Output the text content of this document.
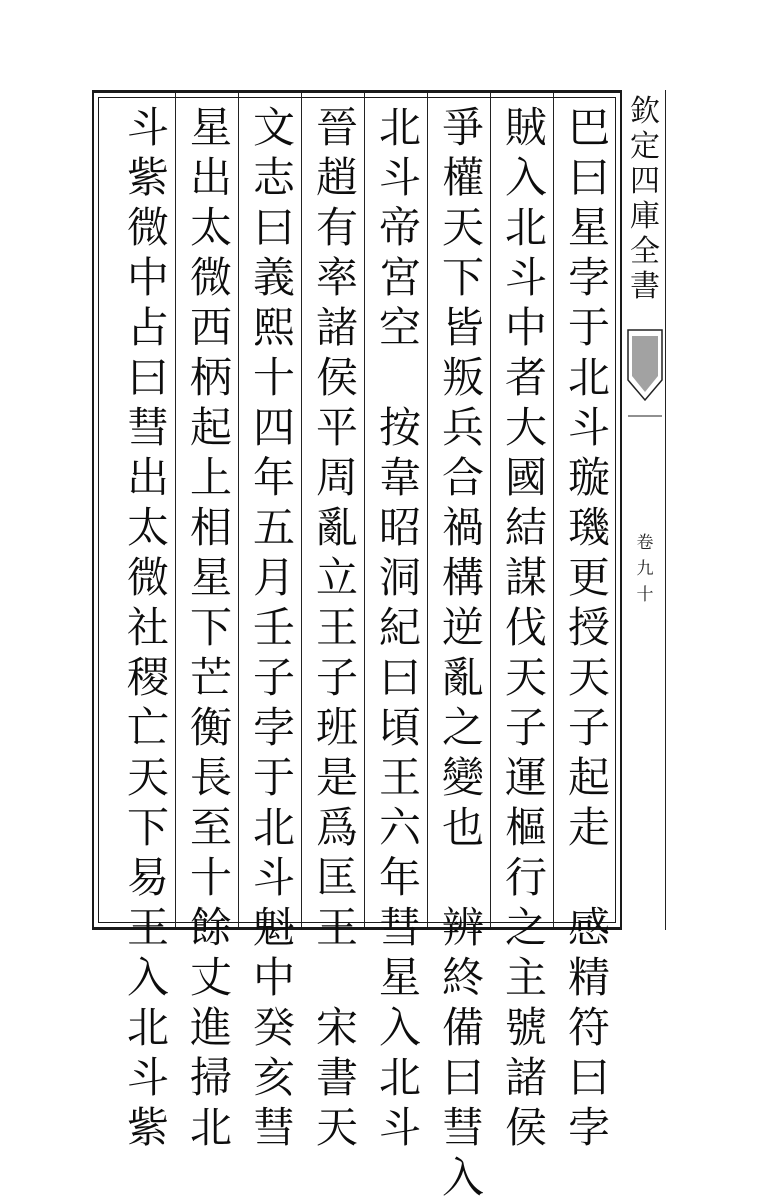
巴
曰
星
孛
于
北
斗
璇
璣
更
授
天
子
起
走
感
精
符
曰
孛
賊
入
北
斗
中
者
大
國
結
謀
伐
天
子
運
樞
行
之
主
號
諸
侯
爭
權
天
下
皆
叛
兵
合
禍
構
逆
亂
之
變
也
辨
終
備
曰
彗
入
北
斗
帝
宮
空
按
韋
昭
洞
紀
曰
頃
王
六
年
彗
星
入
北
斗
晉
趙
有
率
諸
侯
平
周
亂
立
王
子
班
是
爲
匡
王
宋
書
天
文
志
曰
義
熙
十
四
年
五
月
壬
子
孛
于
北
斗
魁
中
癸
亥
彗
星
出
太
微
西
柄
起
上
相
星
下
芒
衡
長
至
十
餘
丈
進
掃
北
斗
紫
微
中
占
曰
彗
出
太
微
社
稷
亡
天
下
易
王
入
北
斗
紫
欽
定
四
庫
全
書
卷
九
十
